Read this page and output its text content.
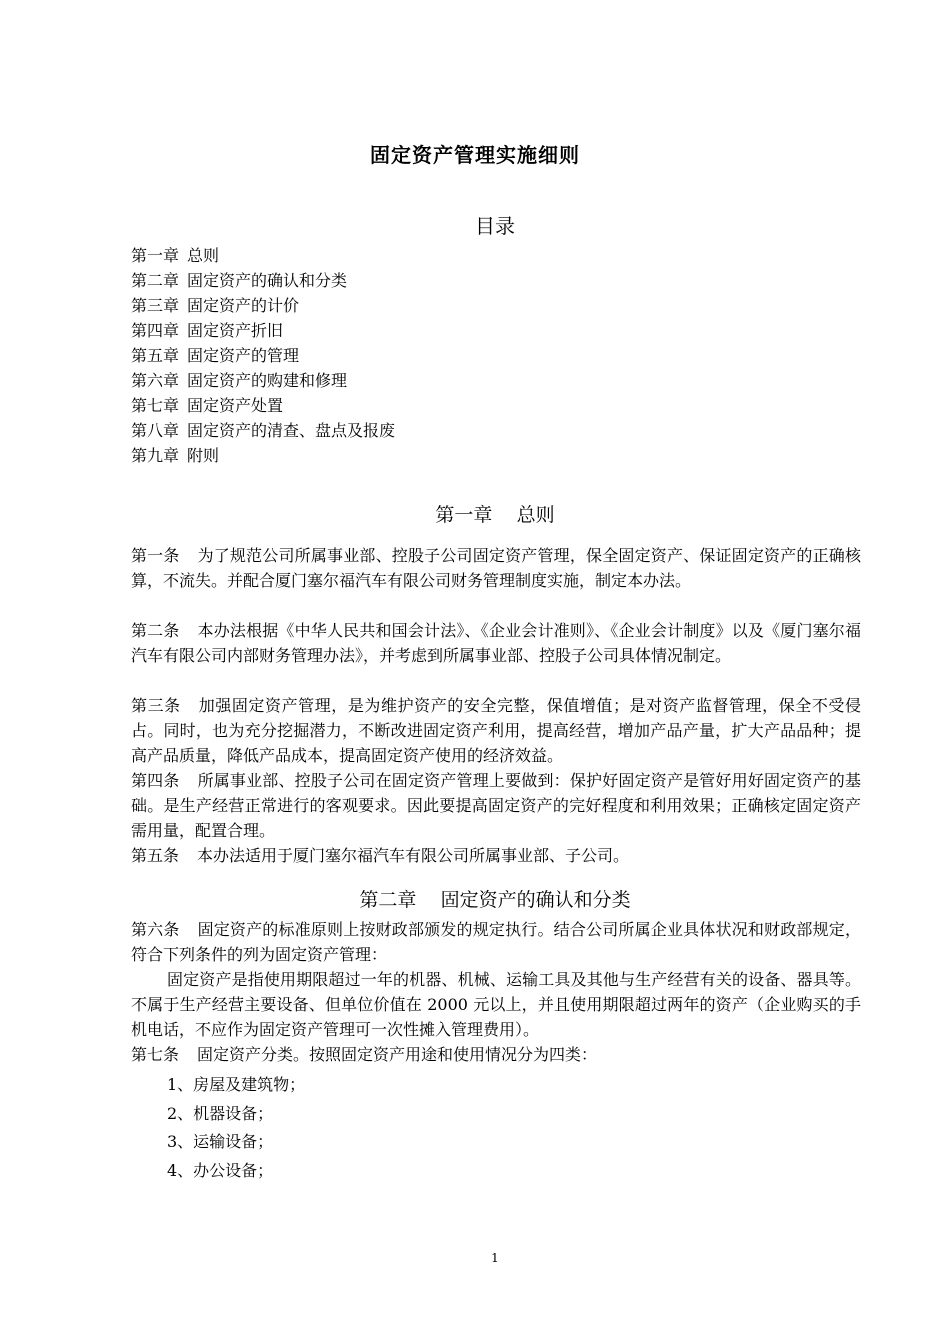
固定资产管理实施细则
目录
第一章 总则
第二章 固定资产的确认和分类
第三章 固定资产的计价
第四章 固定资产折旧
第五章 固定资产的管理
第六章 固定资产的购建和修理
第七章 固定资产处置
第八章 固定资产的清查、盘点及报废
第九章 附则
第一章    总则

第一条 为了规范公司所属事业部、控股子公司固定资产管理，保全固定资产、保证固定资产的正确核算，不流失。并配合厦门塞尔福汽车有限公司财务管理制度实施，制定本办法。

第二条 本办法根据《中华人民共和国会计法》、《企业会计准则》、《企业会计制度》以及《厦门塞尔福汽车有限公司内部财务管理办法》，并考虑到所属事业部、控股子公司具体情况制定。

第三条 加强固定资产管理，是为维护资产的安全完整，保值增值；是对资产监督管理，保全不受侵占。同时，也为充分挖掘潜力，不断改进固定资产利用，提高经营，增加产品产量，扩大产品品种；提高产品质量，降低产品成本，提高固定资产使用的经济效益。

第四条 所属事业部、控股子公司在固定资产管理上要做到：保护好固定资产是管好用好固定资产的基础。是生产经营正常进行的客观要求。因此要提高固定资产的完好程度和利用效果；正确核定固定资产需用量，配置合理。

第五条 本办法适用于厦门塞尔福汽车有限公司所属事业部、子公司。

第二章    固定资产的确认和分类

第六条 固定资产的标准原则上按财政部颁发的规定执行。结合公司所属企业具体状况和财政部规定，符合下列条件的列为固定资产管理：

固定资产是指使用期限超过一年的机器、机械、运输工具及其他与生产经营有关的设备、器具等。不属于生产经营主要设备、但单位价值在 2000 元以上，并且使用期限超过两年的资产（企业购买的手机电话，不应作为固定资产管理可一次性摊入管理费用）。

第七条 固定资产分类。按照固定资产用途和使用情况分为四类：

1、房屋及建筑物；
2、机器设备；
3、运输设备；
4、办公设备；
1
